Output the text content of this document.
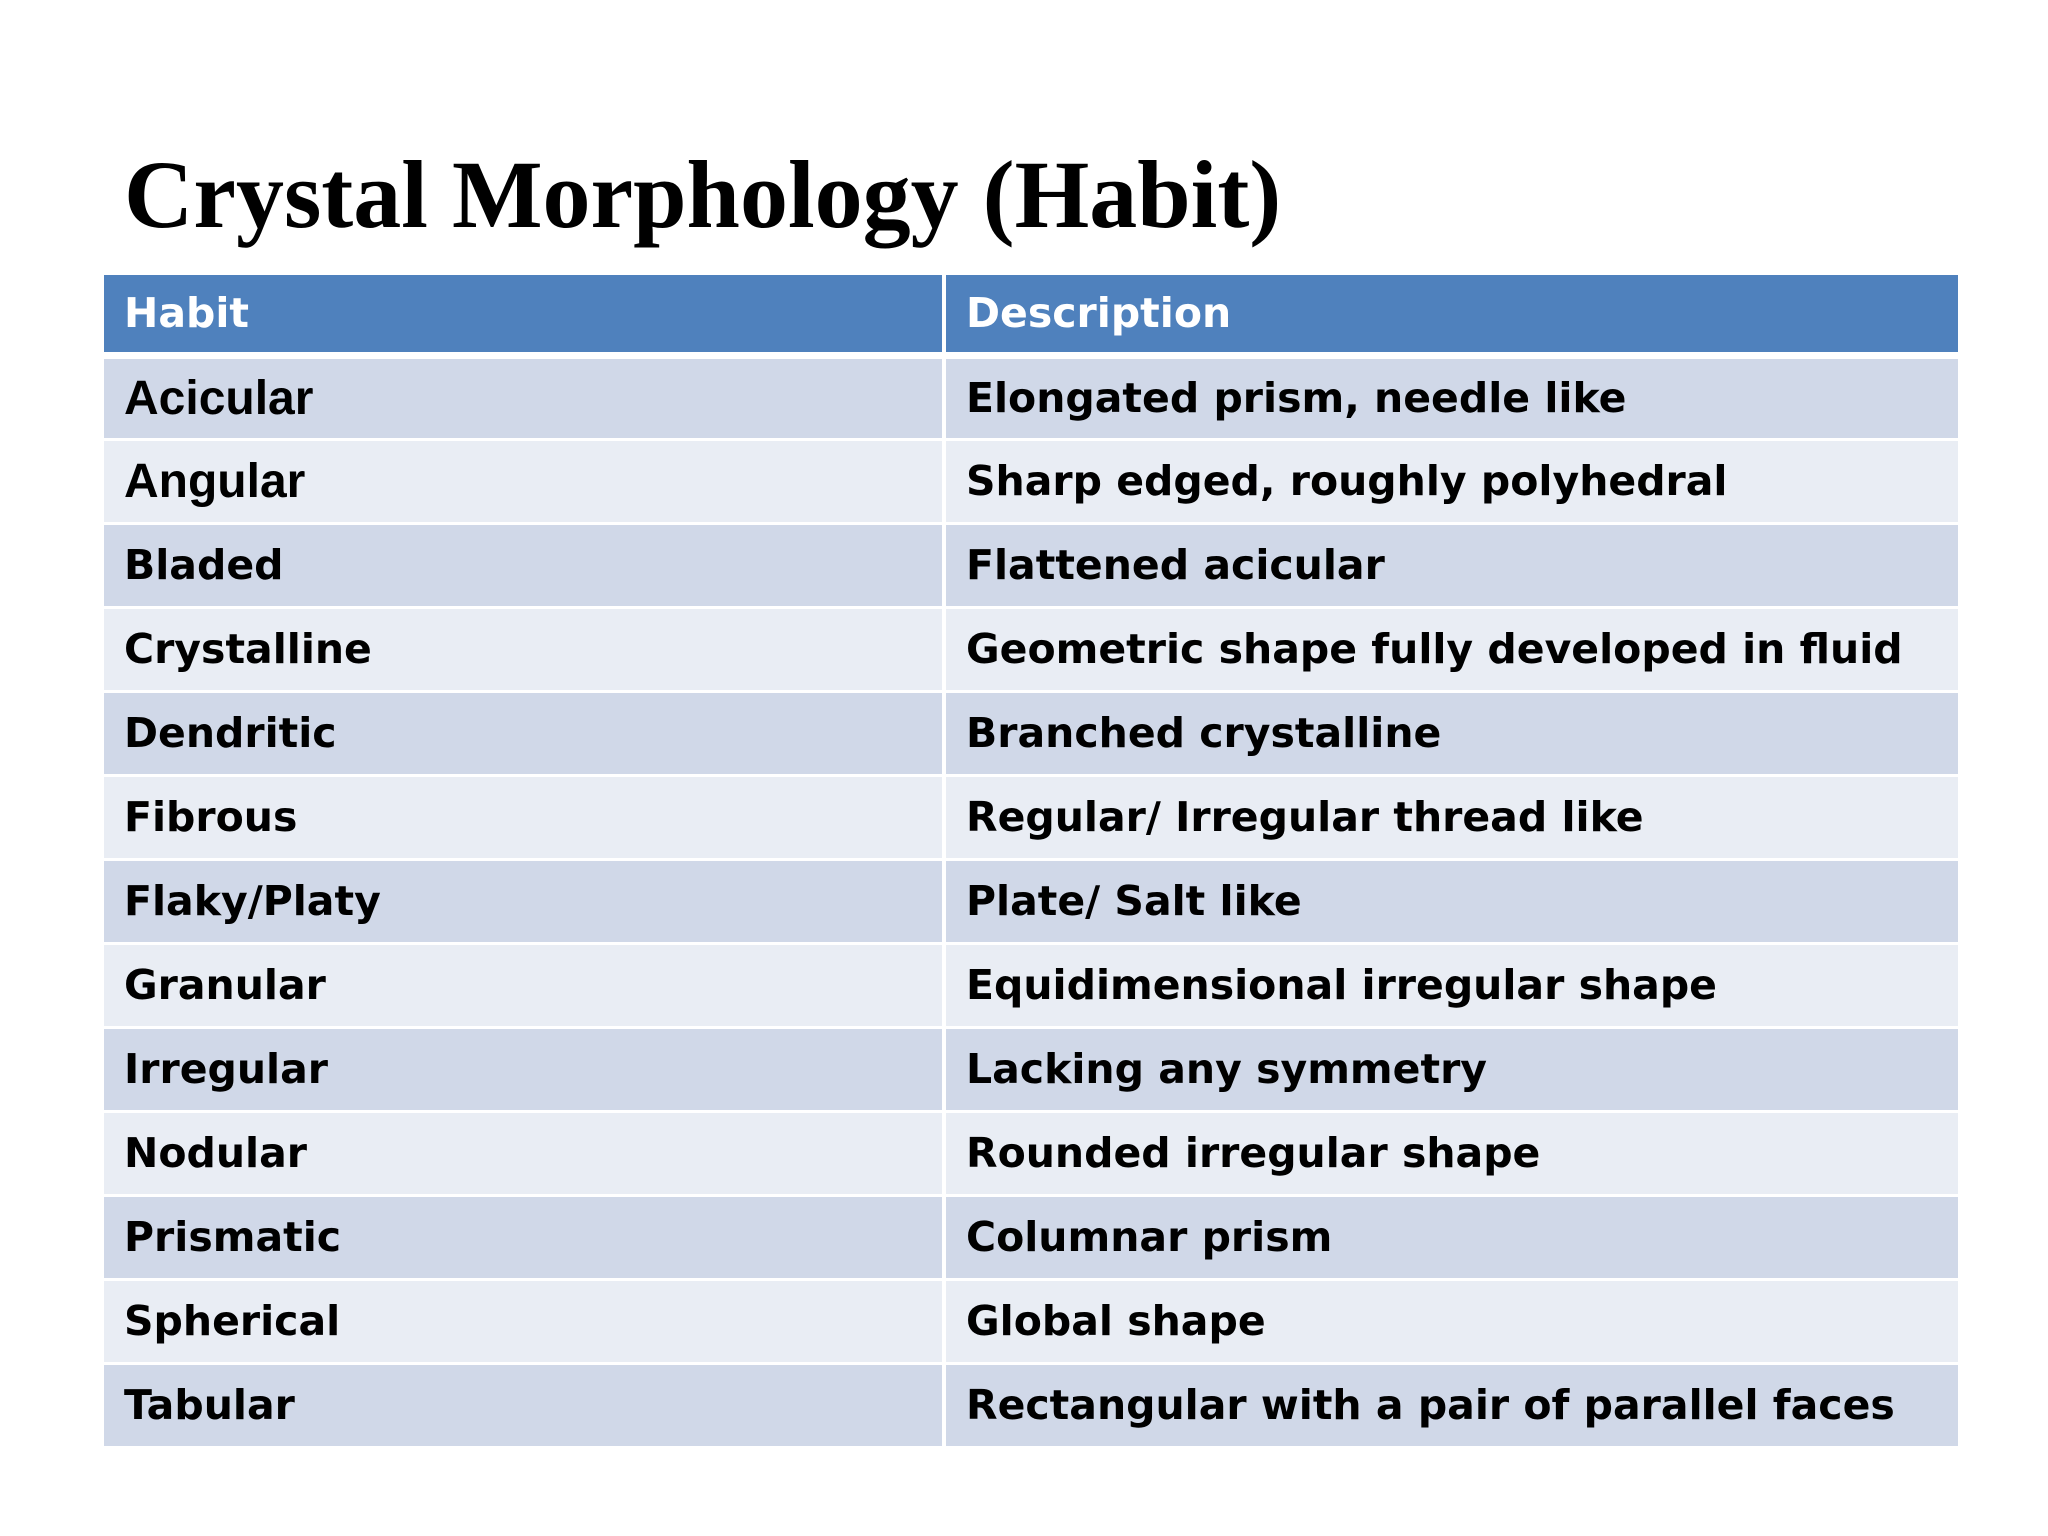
Crystal Morphology (Habit)
Habit	Description
Acicular	Elongated prism, needle like
Angular	Sharp edged, roughly polyhedral
Bladed	Flattened acicular
Crystalline	Geometric shape fully developed in fluid
Dendritic	Branched crystalline
Fibrous	Regular/ Irregular thread like
Flaky/Platy	Plate/ Salt like
Granular	Equidimensional irregular shape
Irregular	Lacking any symmetry
Nodular	Rounded irregular shape
Prismatic	Columnar prism
Spherical	Global shape
Tabular	Rectangular with a pair of parallel faces
